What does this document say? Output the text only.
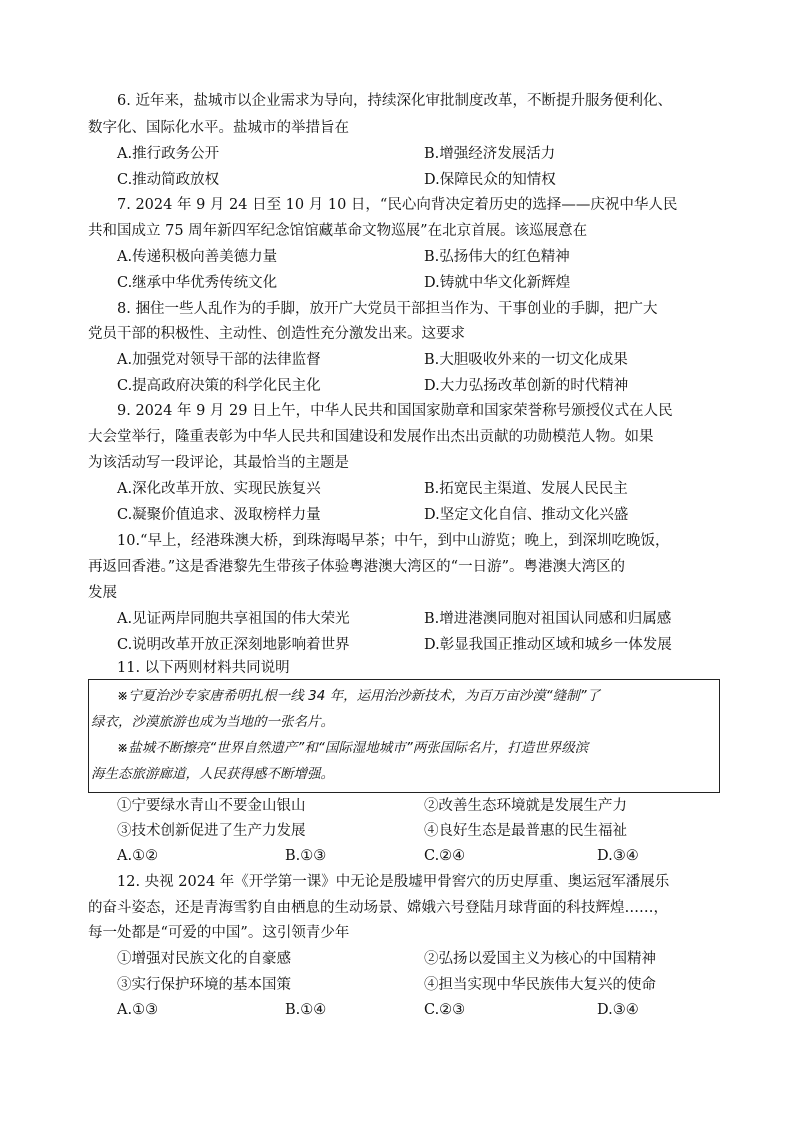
6. 近年来，盐城市以企业需求为导向，持续深化审批制度改革，不断提升服务便利化、
数字化、国际化水平。盐城市的举措旨在
A.推行政务公开	B.增强经济发展活力
C.推动简政放权	D.保障民众的知情权
7. 2024 年 9 月 24 日至 10 月 10 日，“民心向背决定着历史的选择——庆祝中华人民
共和国成立 75 周年新四军纪念馆馆藏革命文物巡展”在北京首展。该巡展意在
A.传递积极向善美德力量	B.弘扬伟大的红色精神
C.继承中华优秀传统文化	D.铸就中华文化新辉煌
8. 捆住一些人乱作为的手脚，放开广大党员干部担当作为、干事创业的手脚，把广大
党员干部的积极性、主动性、创造性充分激发出来。这要求
A.加强党对领导干部的法律监督	B.大胆吸收外来的一切文化成果
C.提高政府决策的科学化民主化	D.大力弘扬改革创新的时代精神
9. 2024 年 9 月 29 日上午，中华人民共和国国家勋章和国家荣誉称号颁授仪式在人民
大会堂举行，隆重表彰为中华人民共和国建设和发展作出杰出贡献的功勋模范人物。如果
为该活动写一段评论，其最恰当的主题是
A.深化改革开放、实现民族复兴	B.拓宽民主渠道、发展人民民主
C.凝聚价值追求、汲取榜样力量	D.坚定文化自信、推动文化兴盛
10.“早上，经港珠澳大桥，到珠海喝早茶；中午，到中山游览；晚上，到深圳吃晚饭，
再返回香港。”这是香港黎先生带孩子体验粤港澳大湾区的“一日游”。粤港澳大湾区的
发展
A.见证两岸同胞共享祖国的伟大荣光	B.增进港澳同胞对祖国认同感和归属感
C.说明改革开放正深刻地影响着世界	D.彰显我国正推动区域和城乡一体发展
11. 以下两则材料共同说明
※宁夏治沙专家唐希明扎根一线 34 年，运用治沙新技术，为百万亩沙漠“缝制”了
绿衣，沙漠旅游也成为当地的一张名片。
※盐城不断擦亮“世界自然遗产”和“国际湿地城市”两张国际名片，打造世界级滨
海生态旅游廊道，人民获得感不断增强。
①宁要绿水青山不要金山银山	②改善生态环境就是发展生产力
③技术创新促进了生产力发展	④良好生态是最普惠的民生福祉
A.①②	B.①③	C.②④	D.③④
12. 央视 2024 年《开学第一课》中无论是殷墟甲骨窖穴的历史厚重、奥运冠军潘展乐
的奋斗姿态，还是青海雪豹自由栖息的生动场景、嫦娥六号登陆月球背面的科技辉煌……，
每一处都是“可爱的中国”。这引领青少年
①增强对民族文化的自豪感	②弘扬以爱国主义为核心的中国精神
③实行保护环境的基本国策	④担当实现中华民族伟大复兴的使命
A.①③	B.①④	C.②③	D.③④
